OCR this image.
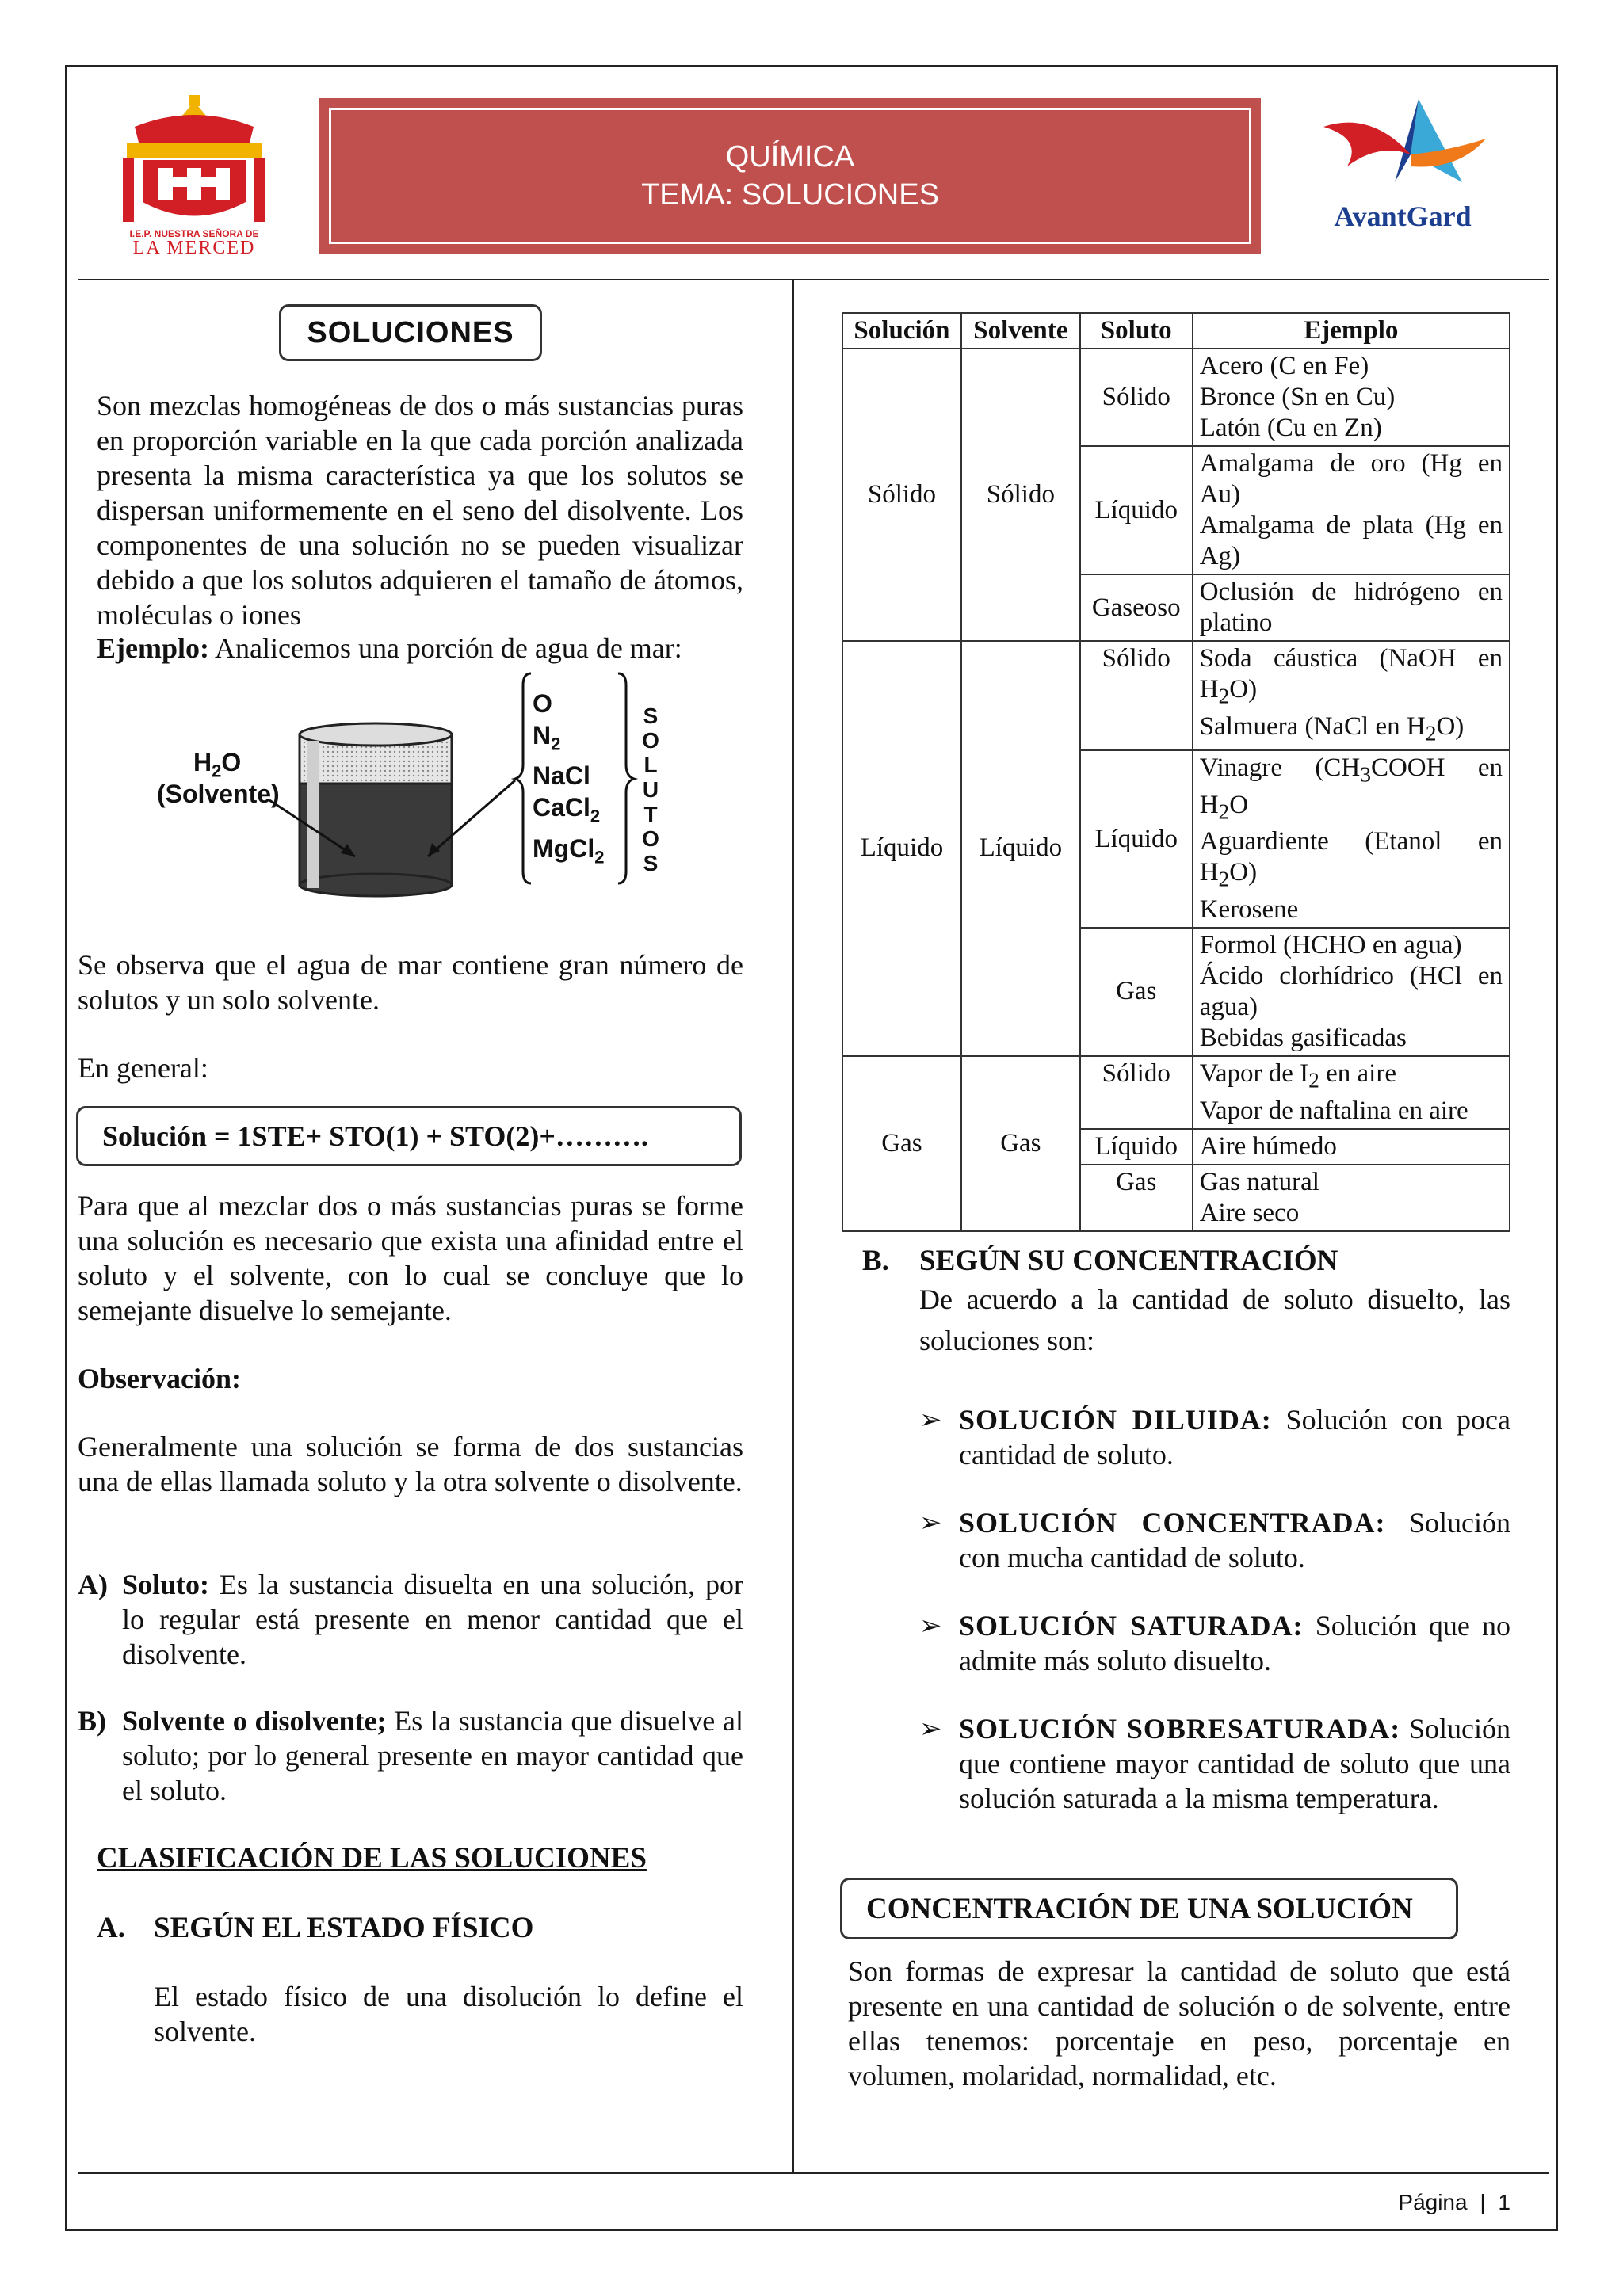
I.E.P. NUESTRA SEÑORA DE
LA MERCED
QUÍMICA
TEMA: SOLUCIONES
AvantGard
SOLUCIONES

Son mezclas homogéneas de dos o más sustancias puras en proporción variable en la que cada porción analizada presenta la misma característica ya que los solutos se dispersan uniformemente en el seno del disolvente. Los componentes de una solución no se pueden visualizar debido a que los solutos adquieren el tamaño de átomos, moléculas o iones

Ejemplo: Analicemos una porción de agua de mar:
$H_2O$
(Solvente)
O
$N_2$
NaCl
CaCl$_2$
MgCl$_2$
SOLUTOS

Se observa que el agua de mar contiene gran número de solutos y un solo solvente.

En general:

Solución = 1STE+ STO(1) + STO(2)+……….

Para que al mezclar dos o más sustancias puras se forme una solución es necesario que exista una afinidad entre el soluto y el solvente, con lo cual se concluye que lo semejante disuelve lo semejante.

Observación:

Generalmente una solución se forma de dos sustancias una de ellas llamada soluto y la otra solvente o disolvente.

A) Soluto: Es la sustancia disuelta en una solución, por lo regular está presente en menor cantidad que el disolvente.

B) Solvente o disolvente; Es la sustancia que disuelve al soluto; por lo general presente en mayor cantidad que el soluto.

CLASIFICACIÓN DE LAS SOLUCIONES
A. SEGÚN EL ESTADO FÍSICO

El estado físico de una disolución lo define el solvente.

Solución	Solvente	Soluto	Ejemplo
Sólido	Sólido	Sólido	Acero (C en Fe)
Bronce (Sn en Cu)
Latón (Cu en Zn)

		Líquido	Amalgama de oro (Hg en Au)
Amalgama de plata (Hg en Ag)

		Gaseoso	Oclusión de hidrógeno en platino
Líquido	Líquido	Sólido	Soda cáustica (NaOH en $H_2O$)
Salmuera (NaCl en $H_2O$)

		Líquido	Vinagre ($CH_3COOH$ en $H_2O$
Aguardiente (Etanol en $H_2O$)
Kerosene

		Gas	Formol (HCHO en agua)
Ácido clorhídrico (HCl en agua)
Bebidas gasificadas

Gas	Gas	Sólido	Vapor de $I_2$ en aire
Vapor de naftalina en aire

		Líquido	Aire húmedo
		Gas	Gas natural
Aire seco
B. SEGÚN SU CONCENTRACIÓN

De acuerdo a la cantidad de soluto disuelto, las soluciones son:

➢ SOLUCIÓN DILUIDA: Solución con poca cantidad de soluto.
➢ SOLUCIÓN CONCENTRADA: Solución con mucha cantidad de soluto.
➢ SOLUCIÓN SATURADA: Solución que no admite más soluto disuelto.
➢ SOLUCIÓN SOBRESATURADA: Solución que contiene mayor cantidad de soluto que una solución saturada a la misma temperatura.
CONCENTRACIÓN DE UNA SOLUCIÓN

Son formas de expresar la cantidad de soluto que está presente en una cantidad de solución o de solvente, entre ellas tenemos: porcentaje en peso, porcentaje en volumen, molaridad, normalidad, etc.

Página | 1
